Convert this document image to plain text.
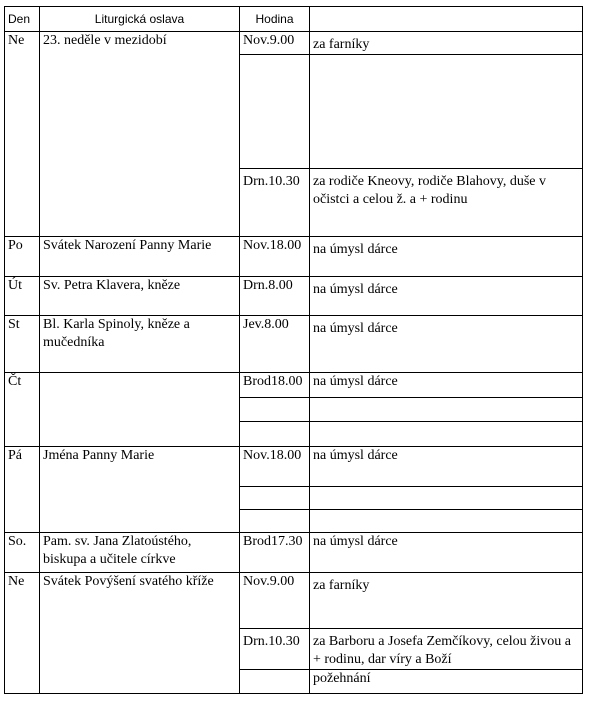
Den	Liturgická oslava	Hodina	
Ne	23. neděle v mezidobí	Nov.9.00	za farníky

		Drn.10.30	za rodiče Kneovy, rodiče Blahovy, duše v očistci a celou ž. a + rodinu
Po	Svátek Narození Panny Marie	Nov.18.00	na úmysl dárce
Út	Sv. Petra Klavera, kněze	Drn.8.00	na úmysl dárce
St	Bl. Karla Spinoly, kněze a mučedníka	Jev.8.00	na úmysl dárce
Čt		Brod18.00	na úmysl dárce

Pá	Jména Panny Marie	Nov.18.00	na úmysl dárce

So.	Pam. sv. Jana Zlatoústého, biskupa a učitele církve	Brod17.30	na úmysl dárce
Ne	Svátek Povýšení svatého kříže	Nov.9.00	za farníky
		Drn.10.30	za Barboru a Josefa Zemčíkovy, celou živou a + rodinu, dar víry a Boží
			požehnání
